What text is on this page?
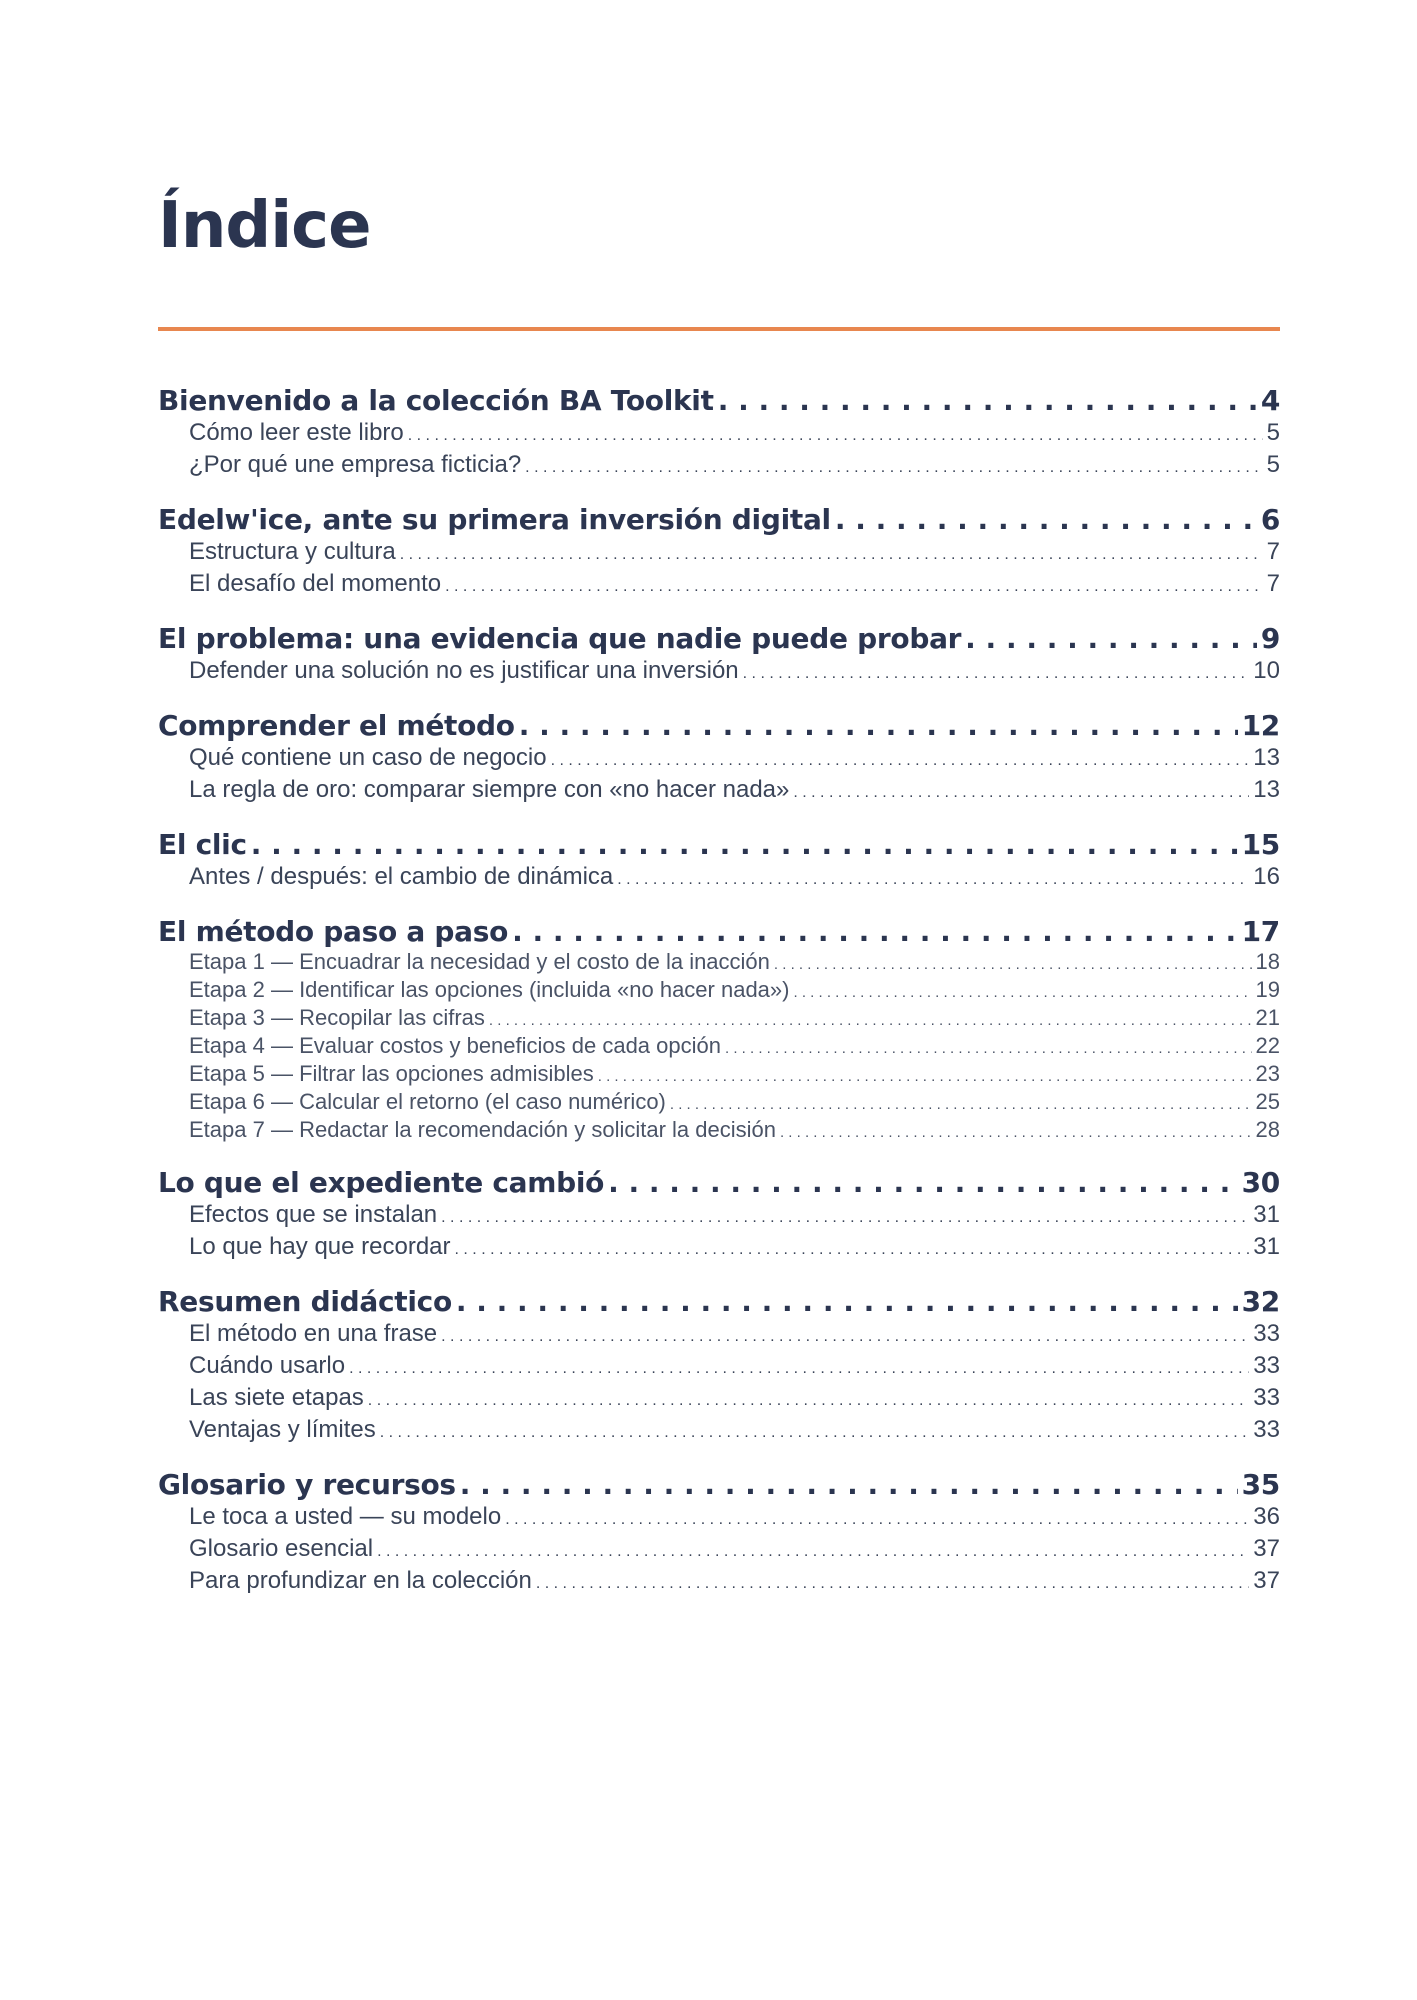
Índice
Bienvenido a la colección BA Toolkit . . .	4
Cómo leer este libro . . .	5
¿Por qué une empresa ficticia? . . .	5
Edelw'ice, ante su primera inversión digital . . .	6
Estructura y cultura . . .	7
El desafío del momento . . .	7
El problema: una evidencia que nadie puede probar . . .	9
Defender una solución no es justificar una inversión . . .	10
Comprender el método . . .	12
Qué contiene un caso de negocio . . .	13
La regla de oro: comparar siempre con «no hacer nada» . . .	13
El clic . . .	15
Antes / después: el cambio de dinámica . . .	16
El método paso a paso . . .	17
Etapa 1 — Encuadrar la necesidad y el costo de la inacción . . .	18
Etapa 2 — Identificar las opciones (incluida «no hacer nada») . . .	19
Etapa 3 — Recopilar las cifras . . .	21
Etapa 4 — Evaluar costos y beneficios de cada opción . . .	22
Etapa 5 — Filtrar las opciones admisibles . . .	23
Etapa 6 — Calcular el retorno (el caso numérico) . . .	25
Etapa 7 — Redactar la recomendación y solicitar la decisión . . .	28
Lo que el expediente cambió . . .	30
Efectos que se instalan . . .	31
Lo que hay que recordar . . .	31
Resumen didáctico . . .	32
El método en una frase . . .	33
Cuándo usarlo . . .	33
Las siete etapas . . .	33
Ventajas y límites . . .	33
Glosario y recursos . . .	35
Le toca a usted — su modelo . . .	36
Glosario esencial . . .	37
Para profundizar en la colección . . .	37
